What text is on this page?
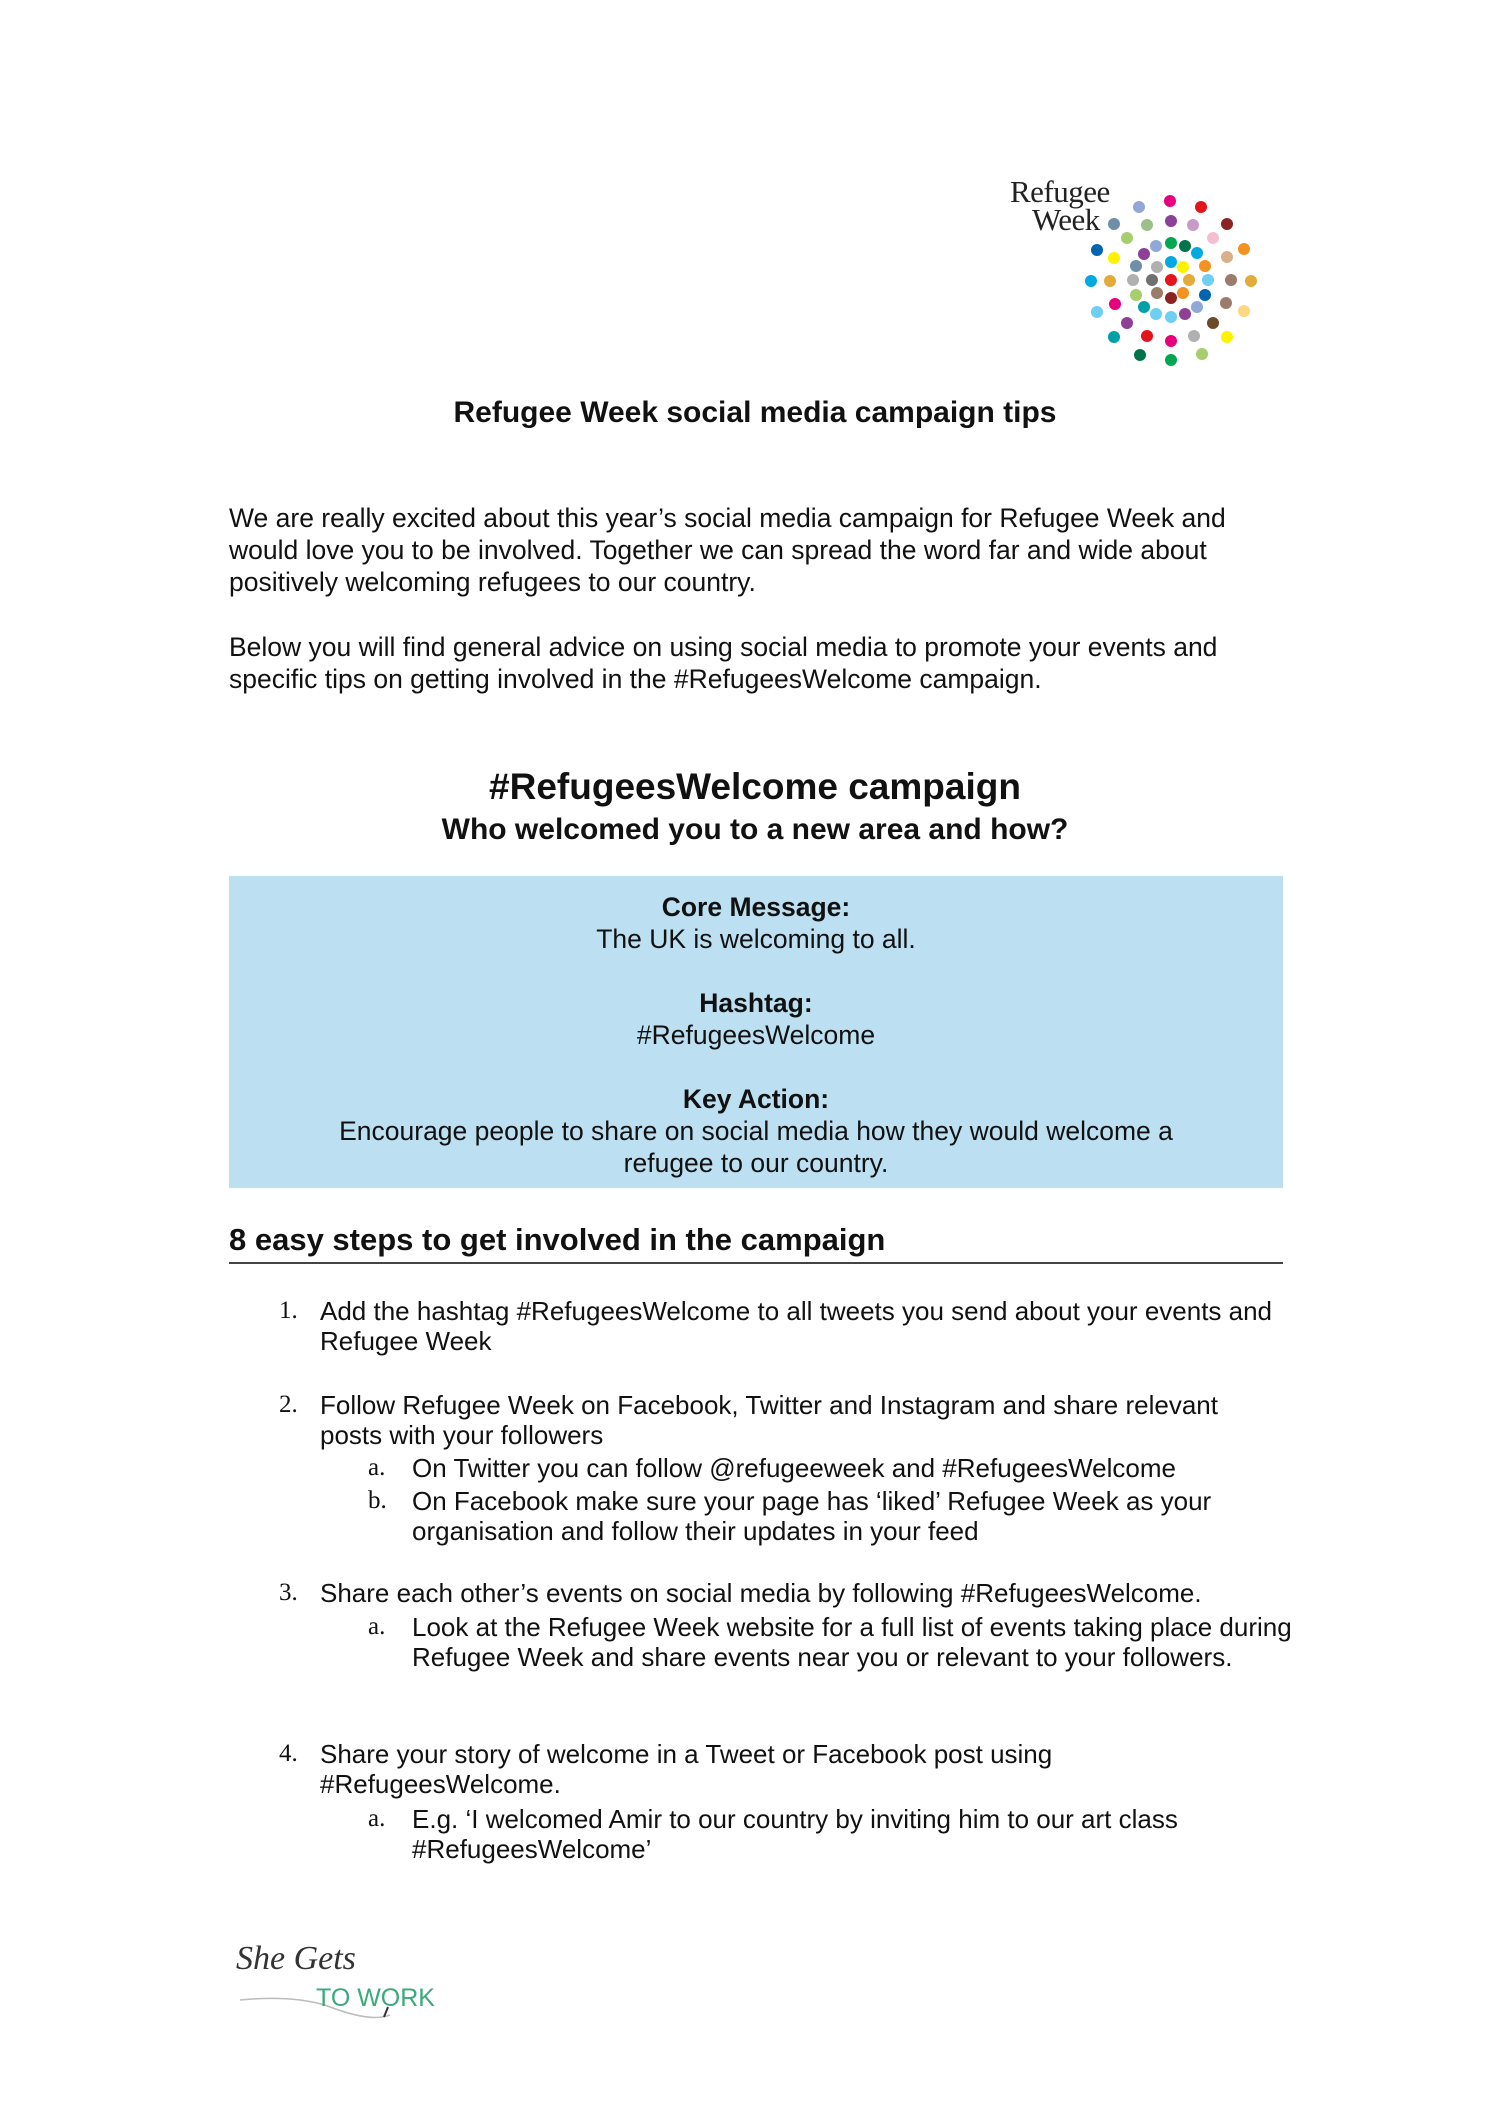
Refugee
Week
Refugee Week social media campaign tips
We are really excited about this year’s social media campaign for Refugee Week and would love you to be involved. Together we can spread the word far and wide about positively welcoming refugees to our country.
Below you will find general advice on using social media to promote your events and specific tips on getting involved in the #RefugeesWelcome campaign.
#RefugeesWelcome campaign
Who welcomed you to a new area and how?
Core Message:
The UK is welcoming to all.
Hashtag:
#RefugeesWelcome
Key Action:
Encourage people to share on social media how they would welcome a
refugee to our country.
8 easy steps to get involved in the campaign
1. Add the hashtag #RefugeesWelcome to all tweets you send about your events and Refugee Week
2. Follow Refugee Week on Facebook, Twitter and Instagram and share relevant posts with your followers
a. On Twitter you can follow @refugeeweek and #RefugeesWelcome
b. On Facebook make sure your page has ‘liked’ Refugee Week as your organisation and follow their updates in your feed
3. Share each other’s events on social media by following #RefugeesWelcome.
a. Look at the Refugee Week website for a full list of events taking place during Refugee Week and share events near you or relevant to your followers.
4. Share your story of welcome in a Tweet or Facebook post using #RefugeesWelcome.
a. E.g. ‘I welcomed Amir to our country by inviting him to our art class #RefugeesWelcome’
She Gets
TO WORK
